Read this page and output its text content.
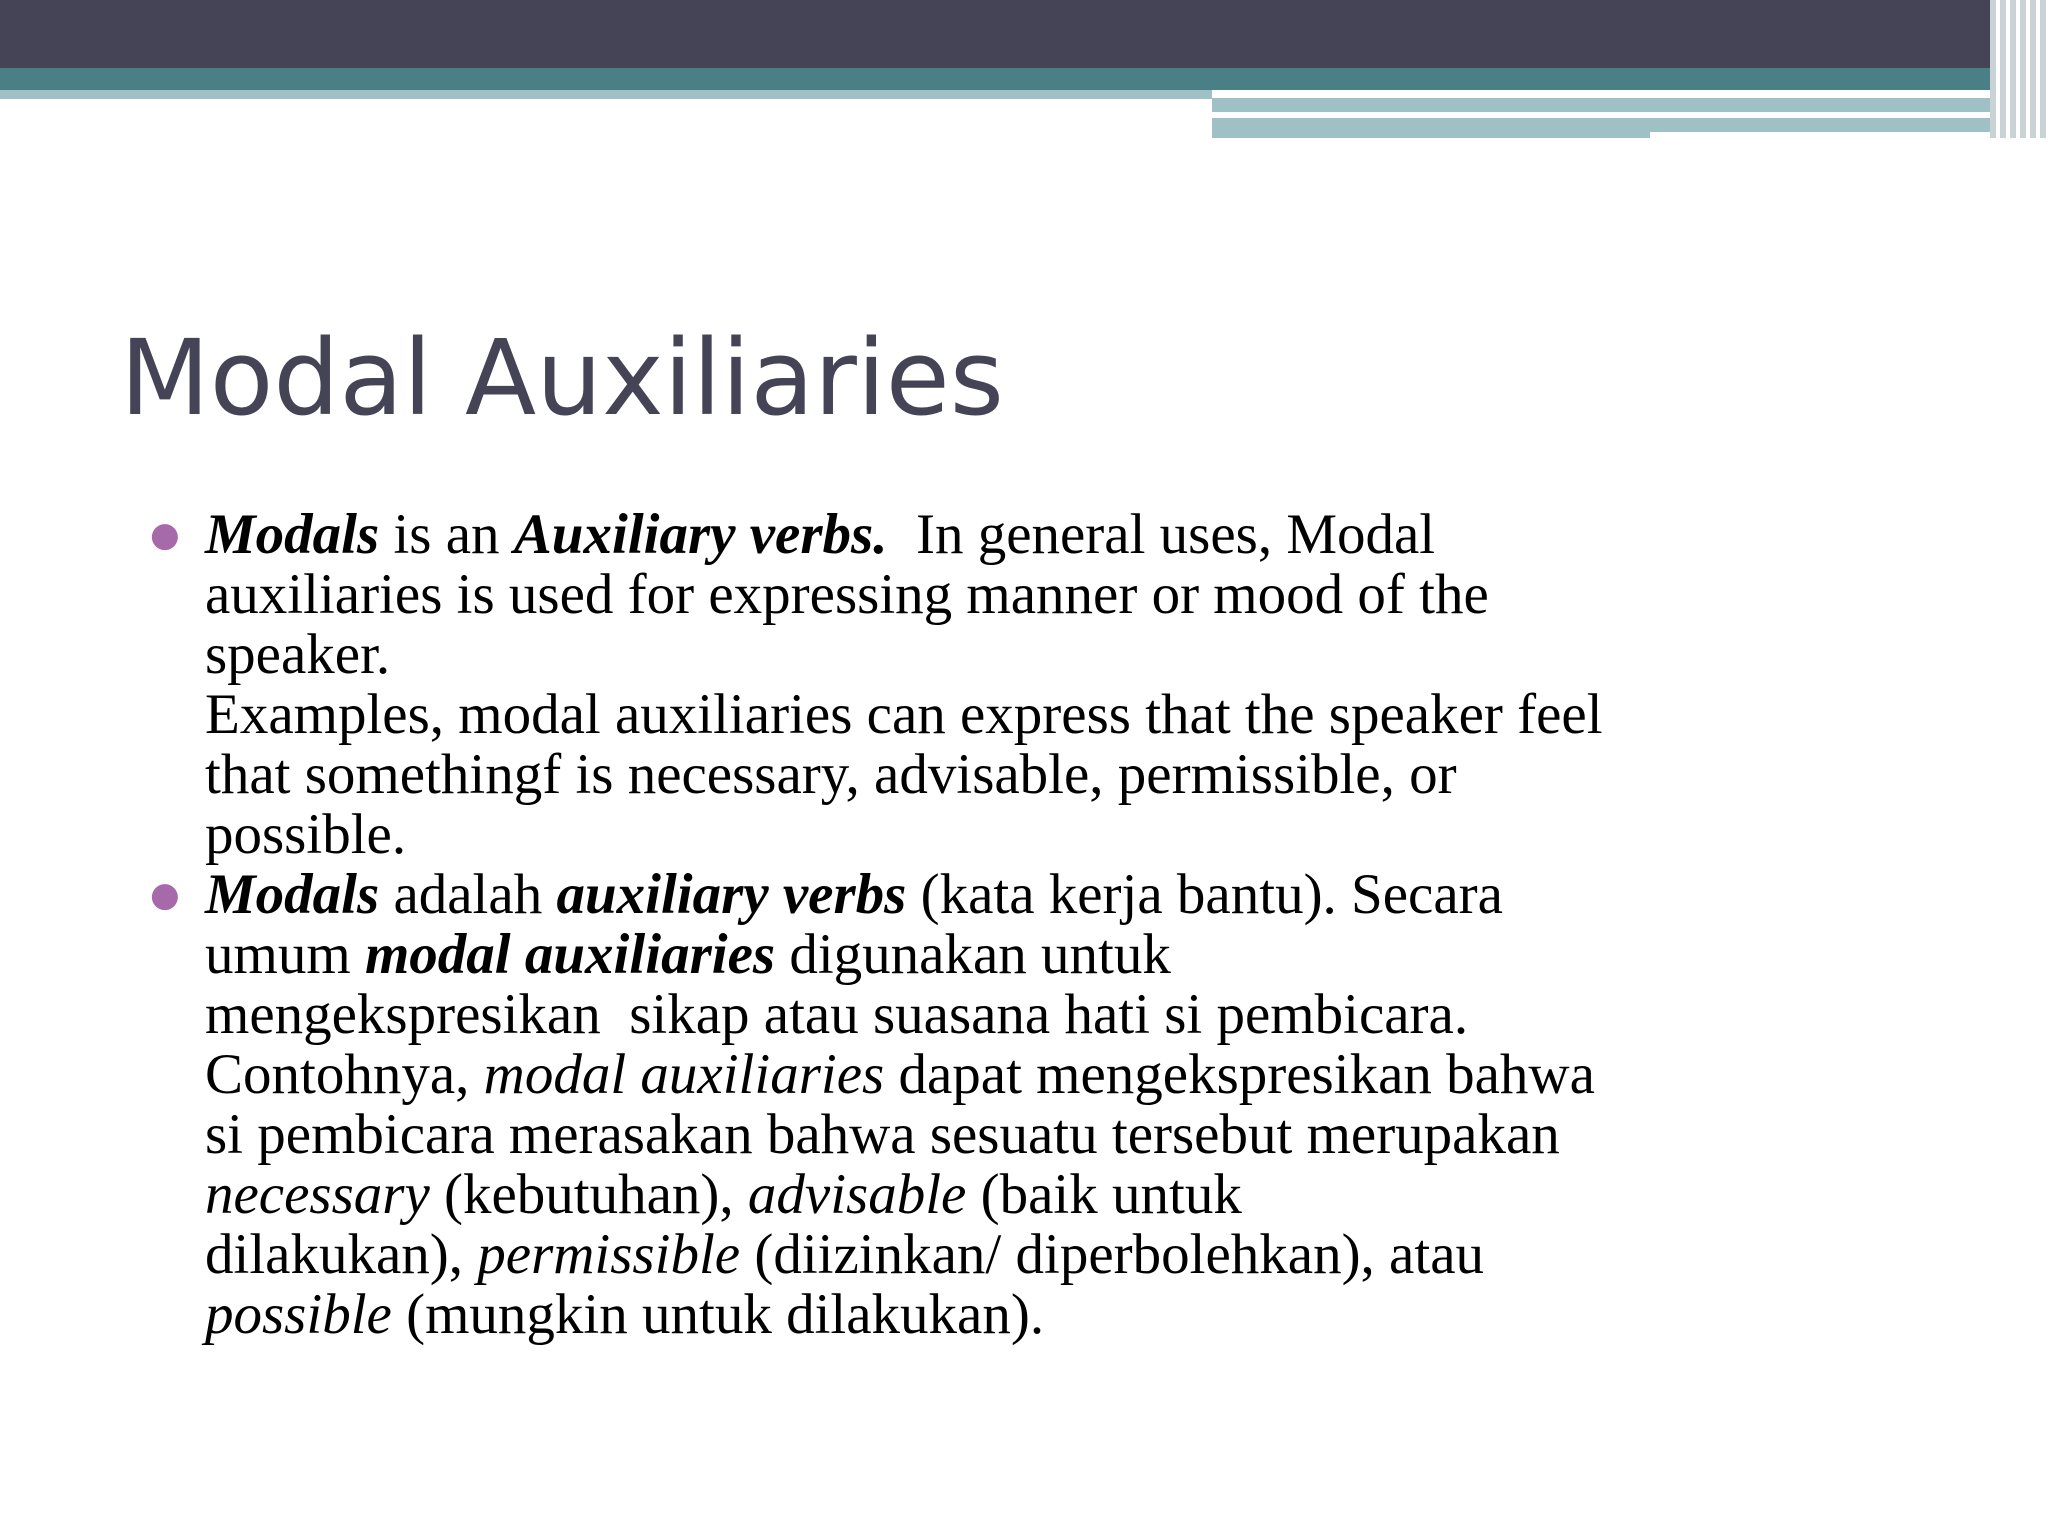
Modal Auxiliaries
● Modals is an Auxiliary verbs.  In general uses, Modal
auxiliaries is used for expressing manner or mood of the
speaker.
Examples, modal auxiliaries can express that the speaker feel
that somethingf is necessary, advisable, permissible, or
possible.
● Modals adalah auxiliary verbs (kata kerja bantu). Secara
umum modal auxiliaries digunakan untuk
mengekspresikan  sikap atau suasana hati si pembicara.
Contohnya, modal auxiliaries dapat mengekspresikan bahwa
si pembicara merasakan bahwa sesuatu tersebut merupakan
necessary (kebutuhan), advisable (baik untuk
dilakukan), permissible (diizinkan/ diperbolehkan), atau
possible (mungkin untuk dilakukan).
